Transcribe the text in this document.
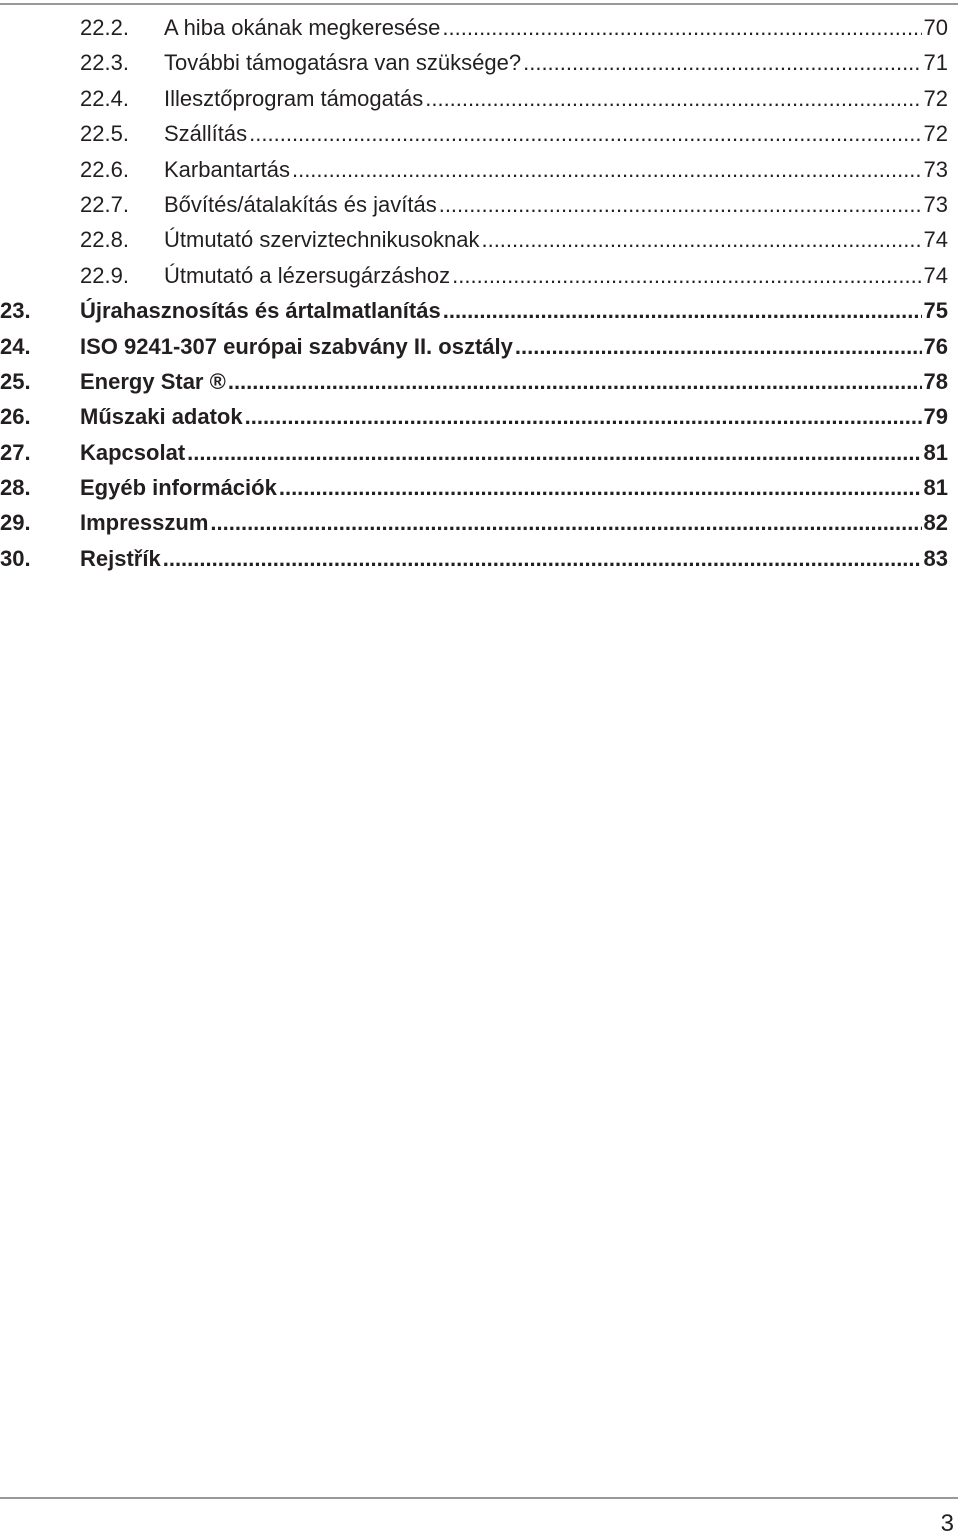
22.2.	A hiba okának megkeresése .....	70
22.3.	További támogatásra van szüksége? .....	71
22.4.	Illesztőprogram támogatás .....	72
22.5.	Szállítás .....	72
22.6.	Karbantartás .....	73
22.7.	Bővítés/átalakítás és javítás .....	73
22.8.	Útmutató szerviztechnikusoknak .....	74
22.9.	Útmutató a lézersugárzáshoz .....	74
23.	Újrahasznosítás és ártalmatlanítás .....	75
24.	ISO 9241-307 európai szabvány II. osztály .....	76
25.	Energy Star ® .....	78
26.	Műszaki adatok .....	79
27.	Kapcsolat .....	81
28.	Egyéb információk .....	81
29.	Impresszum .....	82
30.	Rejstřík .....	83
3
